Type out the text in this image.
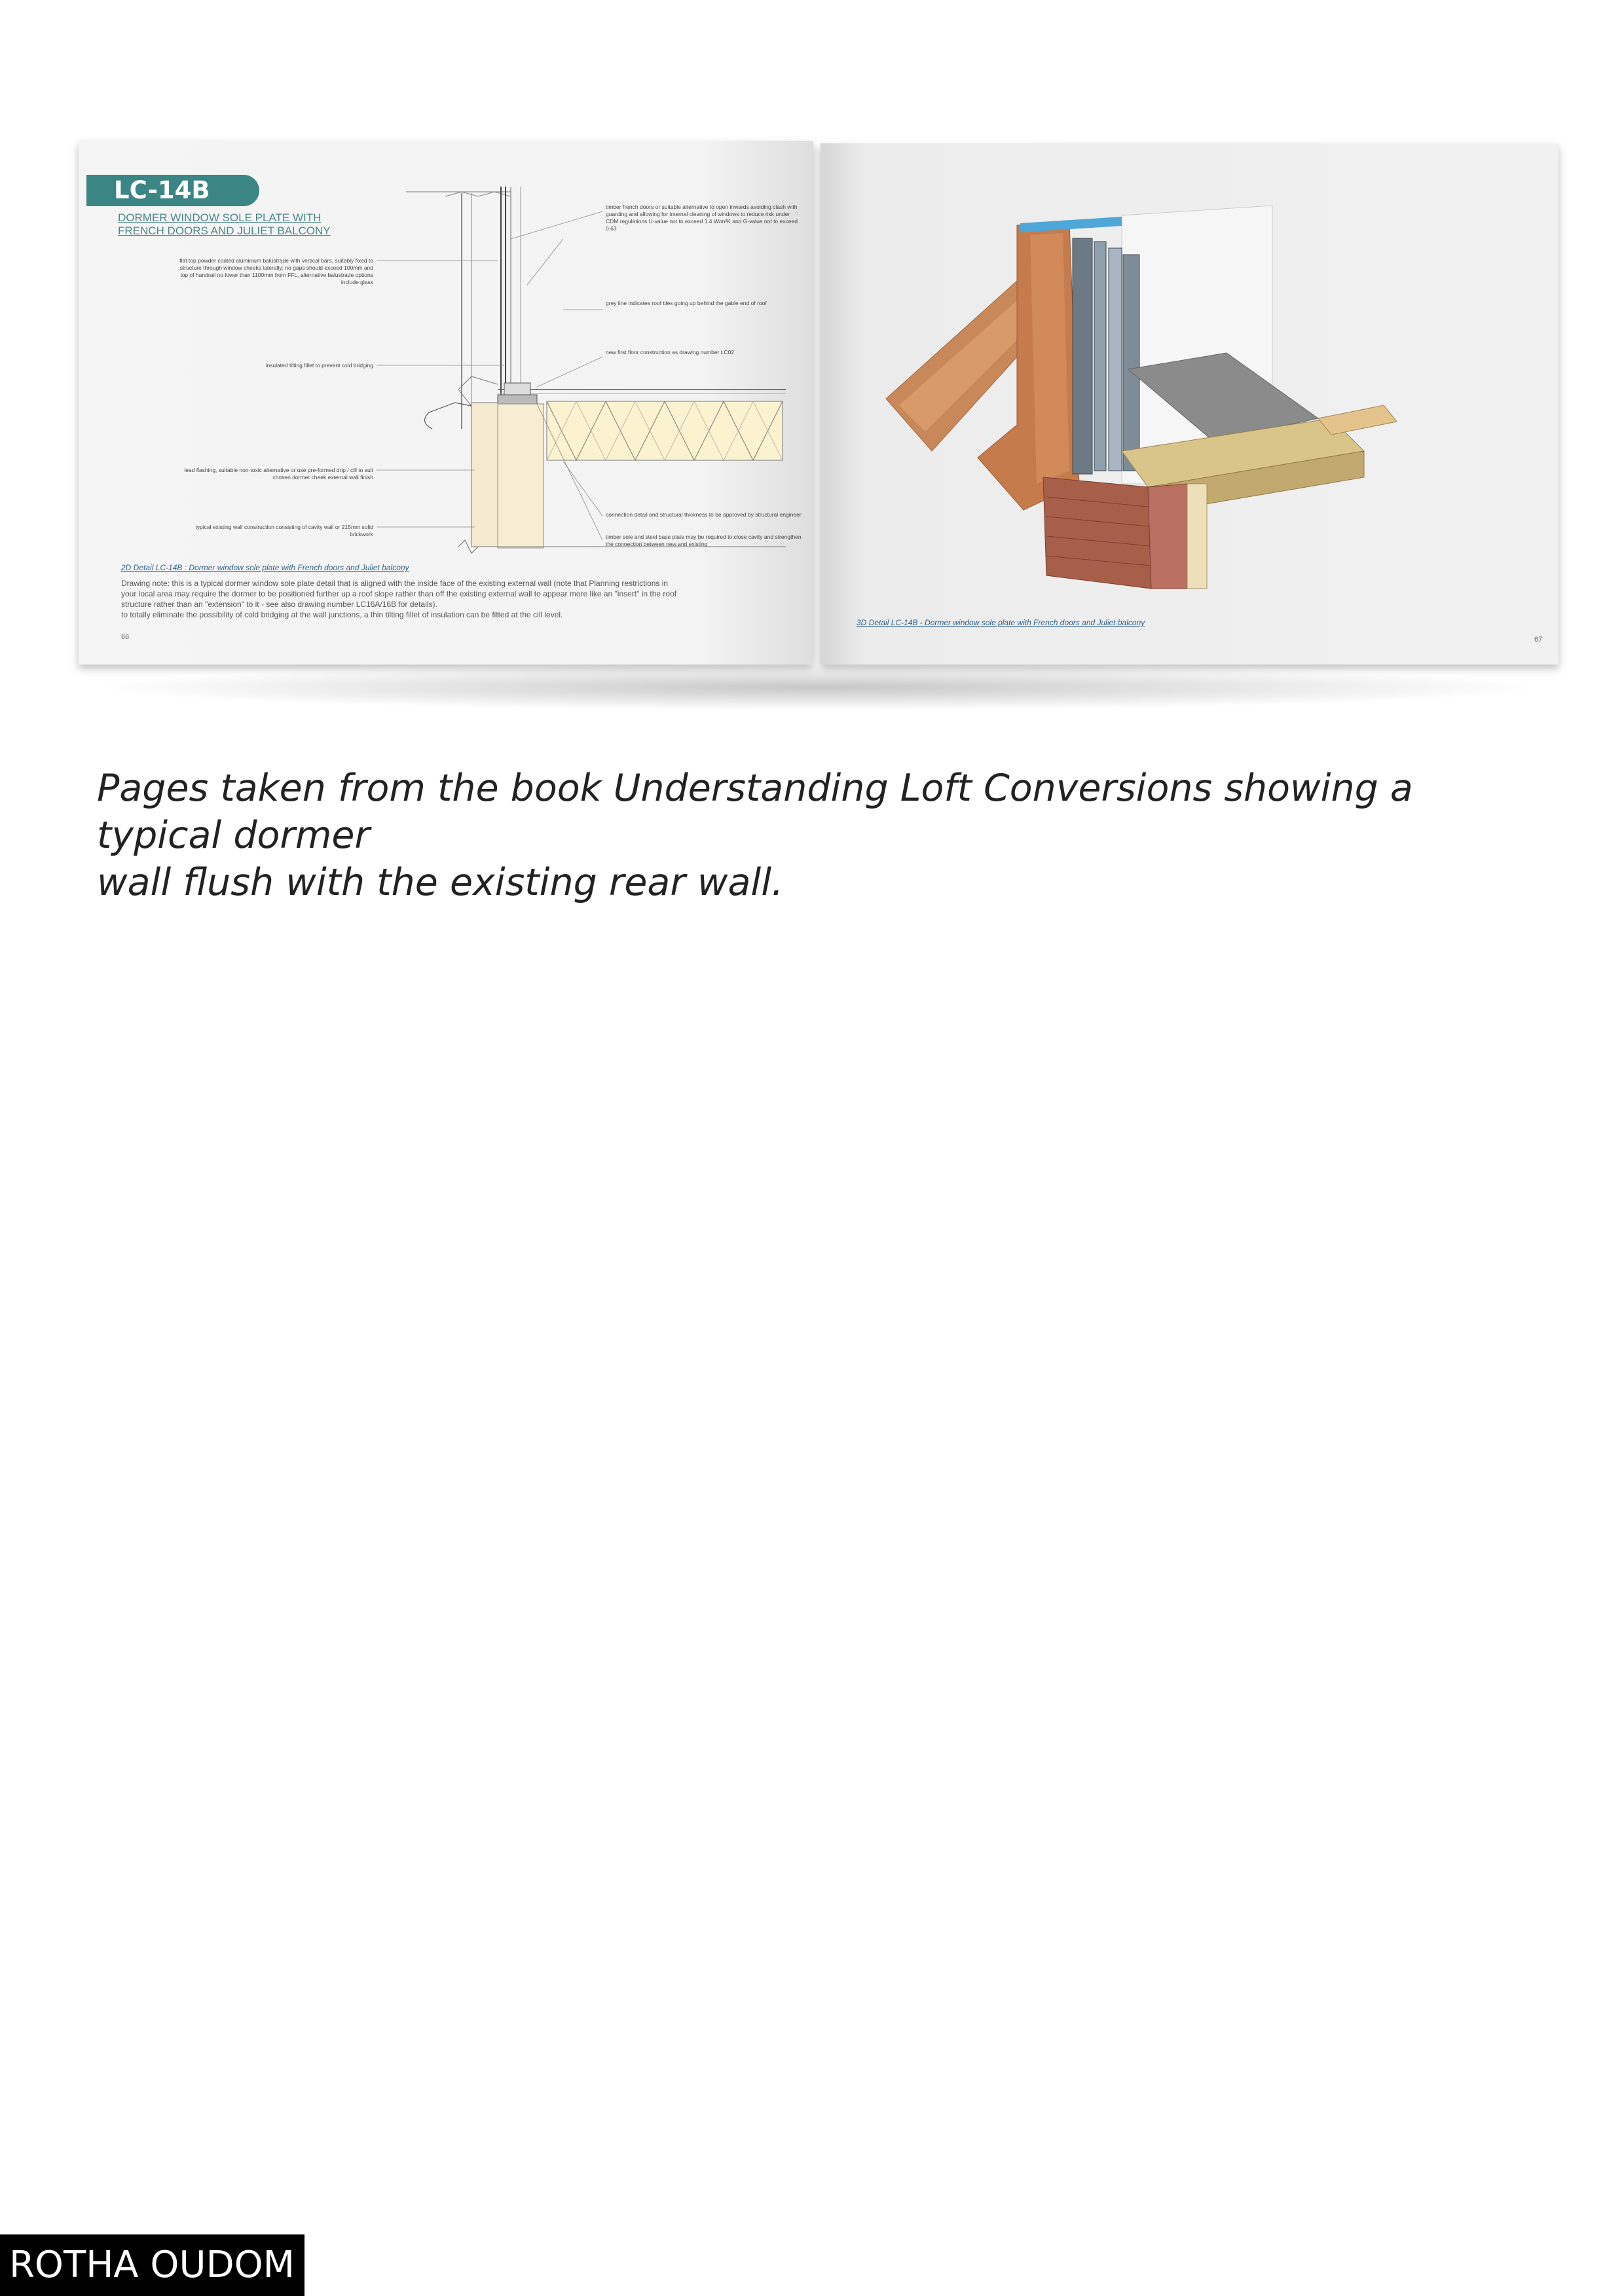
LC-14B
DORMER WINDOW SOLE PLATE WITH
FRENCH DOORS AND JULIET BALCONY
flat top powder coated aluminium balustrade with vertical bars, suitably fixed to structure through window cheeks laterally; no gaps should exceed 100mm and top of handrail no lower than 1100mm from FFL, alternative balustrade options include glass
insulated tilting fillet to prevent cold bridging
lead flashing, suitable non-toxic alternative or use pre-formed drip / cill to suit chosen dormer cheek external wall finish
typical existing wall construction consisting of cavity wall or 215mm solid brickwork
timber french doors or suitable alternative to open inwards avoiding clash with guarding and allowing for internal cleaning of windows to reduce risk under CDM regulations U-value not to exceed 1.4 W/m²K and G-value not to exceed 0.63
grey line indicates roof tiles going up behind the gable end of roof
new first floor construction as drawing number LC02
connection detail and structural thickness to be approved by structural engineer
timber sole and steel base plate may be required to close cavity and strengthen the connection between new and existing
2D Detail LC-14B : Dormer window sole plate with French doors and Juliet balcony
Drawing note: this is a typical dormer window sole plate detail that is aligned with the inside face of the existing external wall (note that Planning restrictions in
your local area may require the dormer to be positioned further up a roof slope rather than off the existing external wall to appear more like an "insert" in the roof
structure rather than an "extension" to it - see also drawing number LC16A/16B for details).
to totally eliminate the possibility of cold bridging at the wall junctions, a thin tilting fillet of insulation can be fitted at the cill level.
66
3D Detail LC-14B - Dormer window sole plate with French doors and Juliet balcony
67
Pages taken from the book Understanding Loft Conversions showing a typical dormer
wall flush with the existing rear wall.
ROTHA OUDOM
